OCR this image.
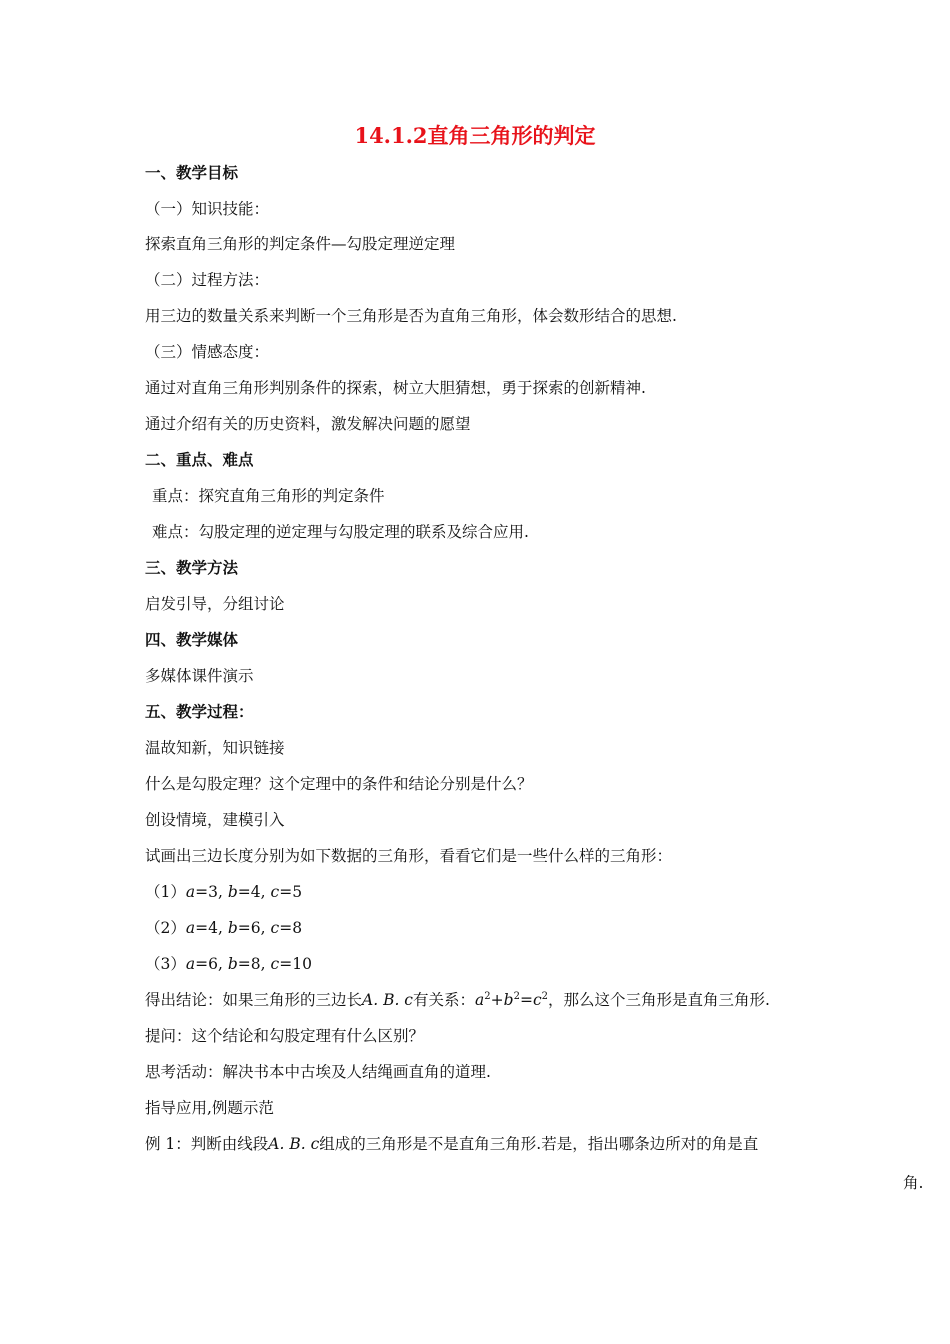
14.1.2直角三角形的判定
一、教学目标
（一）知识技能：
探索直角三角形的判定条件—勾股定理逆定理
（二）过程方法：
用三边的数量关系来判断一个三角形是否为直角三角形，体会数形结合的思想.
（三）情感态度：
通过对直角三角形判别条件的探索，树立大胆猜想，勇于探索的创新精神.
通过介绍有关的历史资料，激发解决问题的愿望
二、重点、难点
重点：探究直角三角形的判定条件
难点：勾股定理的逆定理与勾股定理的联系及综合应用.
三、教学方法
启发引导，分组讨论
四、教学媒体
多媒体课件演示
五、教学过程：
温故知新，知识链接
什么是勾股定理？这个定理中的条件和结论分别是什么？
创设情境，建模引入
试画出三边长度分别为如下数据的三角形，看看它们是一些什么样的三角形：
（1）a=3, b=4, c=5
（2）a=4, b=6, c=8
（3）a=6, b=8, c=10
得出结论：如果三角形的三边长A. B. c有关系：$a^2+b^2=c^2$，那么这个三角形是直角三角形.
提问：这个结论和勾股定理有什么区别？
思考活动：解决书本中古埃及人结绳画直角的道理.
指导应用,例题示范
例 1：判断由线段A. B. c组成的三角形是不是直角三角形.若是，指出哪条边所对的角是直
角.
